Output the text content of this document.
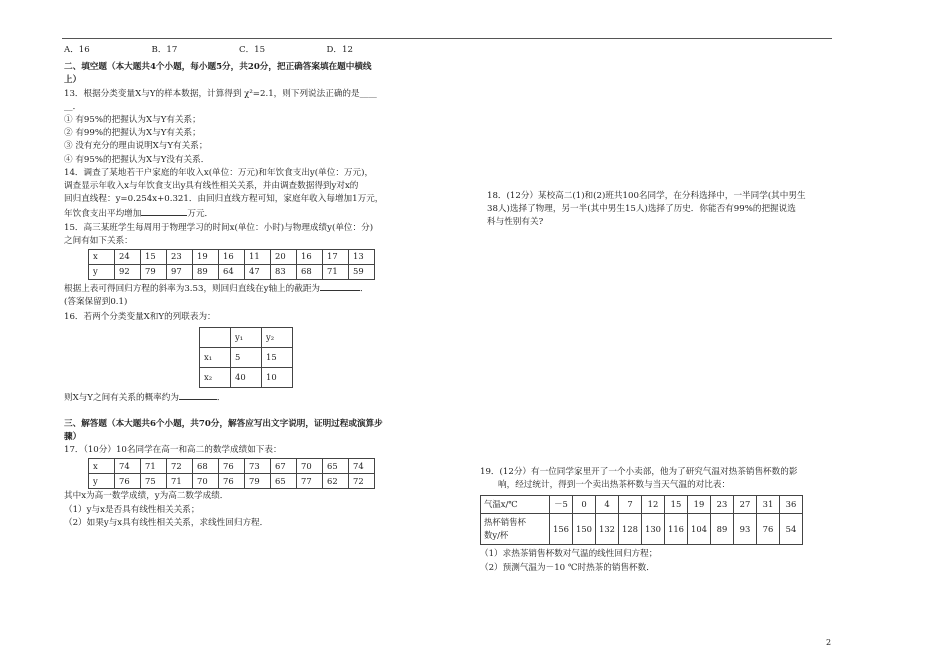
A．16	B．17	C．15	D．12
二、填空题（本大题共4个小题，每小题5分，共20分，把正确答案填在题中横线
上）
13．根据分类变量X与Y的样本数据，计算得到 χ²=2.1，则下列说法正确的是____
__．
① 有95%的把握认为X与Y有关系；
② 有99%的把握认为X与Y有关系；
③ 没有充分的理由说明X与Y有关系；
④ 有95%的把握认为X与Y没有关系．
14．调查了某地若干户家庭的年收入x(单位：万元)和年饮食支出y(单位：万元)，
调查显示年收入x与年饮食支出y具有线性相关关系，并由调查数据得到y对x的
回归直线程：y=0.254x+0.321．由回归直线方程可知，家庭年收入每增加1万元，
年饮食支出平均增加	万元．
15．高三某班学生每周用于物理学习的时间x(单位：小时)与物理成绩y(单位：分)
之间有如下关系：
x	24	15	23	19	16	11	20	16	17	13
y	92	79	97	89	64	47	83	68	71	59
根据上表可得回归方程的斜率为3.53，则回归直线在y轴上的截距为	．
(答案保留到0.1)
16．若两个分类变量X和Y的列联表为：
	y₁	y₂
x₁	5	15
x₂	40	10
则X与Y之间有关系的概率约为	．
三、解答题（本大题共6个小题，共70分，解答应写出文字说明，证明过程或演算步
骤）
17．（10分）10名同学在高一和高二的数学成绩如下表：
x	74	71	72	68	76	73	67	70	65	74
y	76	75	71	70	76	79	65	77	62	72
其中x为高一数学成绩，y为高二数学成绩．
（1）y与x是否具有线性相关关系；
（2）如果y与x具有线性相关关系，求线性回归方程．
18．(12分）某校高二(1)和(2)班共100名同学，在分科选择中，一半同学(其中男生
38人)选择了物理，另一半(其中男生15人)选择了历史．你能否有99%的把握说选
科与性别有关?
19．(12分）有一位同学家里开了一个小卖部，他为了研究气温对热茶销售杯数的影
响，经过统计，得到一个卖出热茶杯数与当天气温的对比表：
气温x/℃	－5	0	4	7	12	15	19	23	27	31	36
热杯销售杯
数y/杯	156	150	132	128	130	116	104	89	93	76	54
（1）求热茶销售杯数对气温的线性回归方程；
（2）预测气温为－10 ℃时热茶的销售杯数．
2
